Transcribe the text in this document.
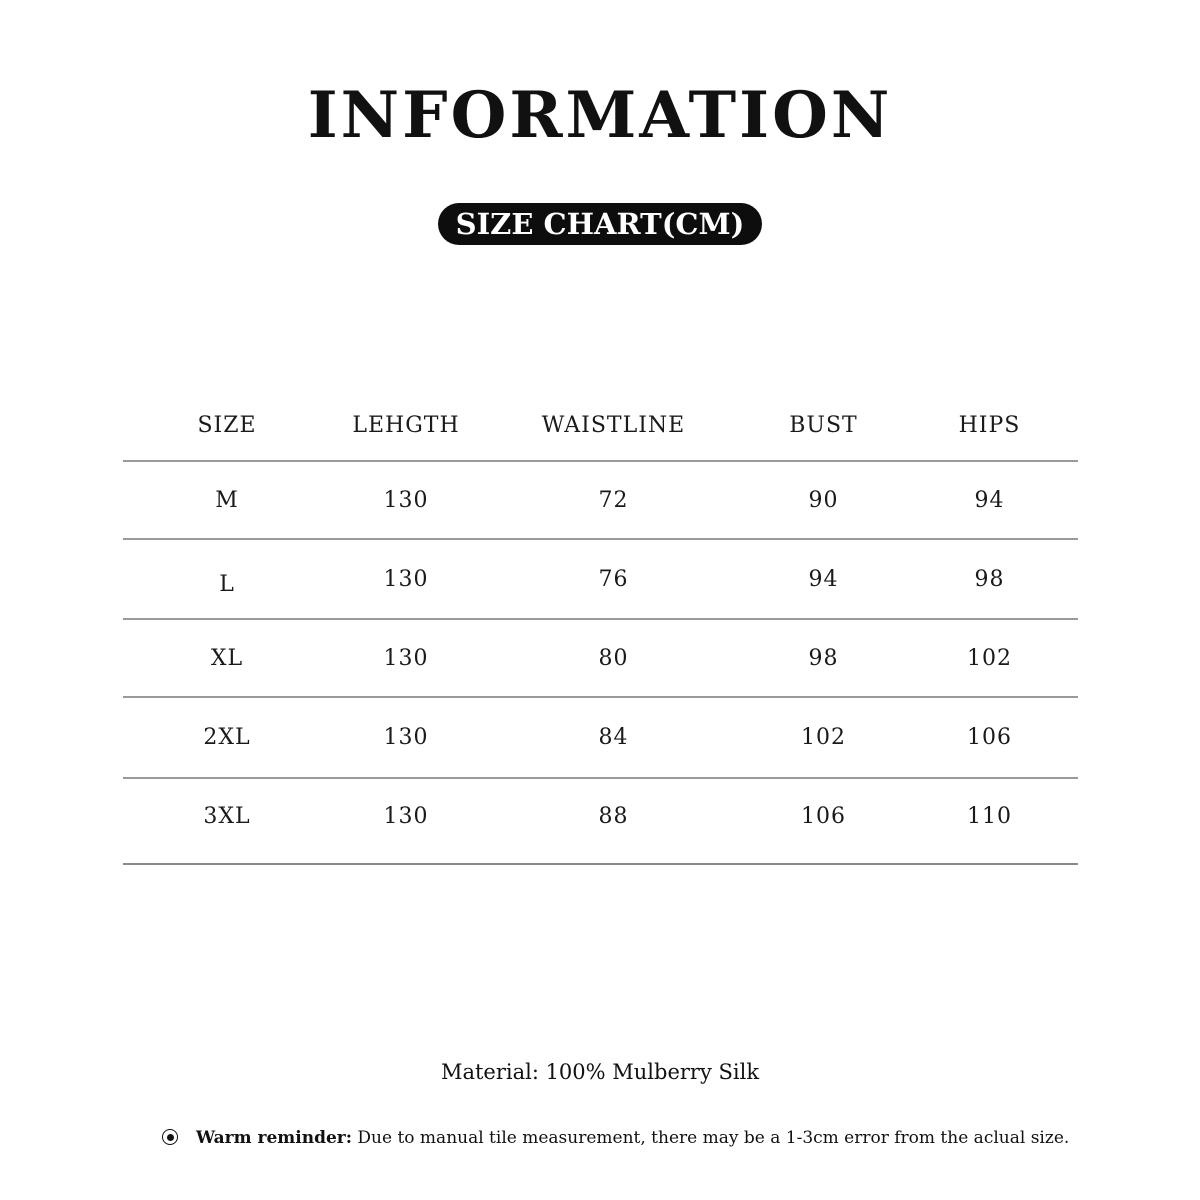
INFORMATION
SIZE CHART(CM)
SIZE	LEHGTH	WAISTLINE	BUST	HIPS
M	130	72	90	94
L	130	76	94	98
XL	130	80	98	102
2XL	130	84	102	106
3XL	130	88	106	110
Material: 100% Mulberry Silk
Warm reminder: Due to manual tile measurement, there may be a 1-3cm error from the aclual size.
